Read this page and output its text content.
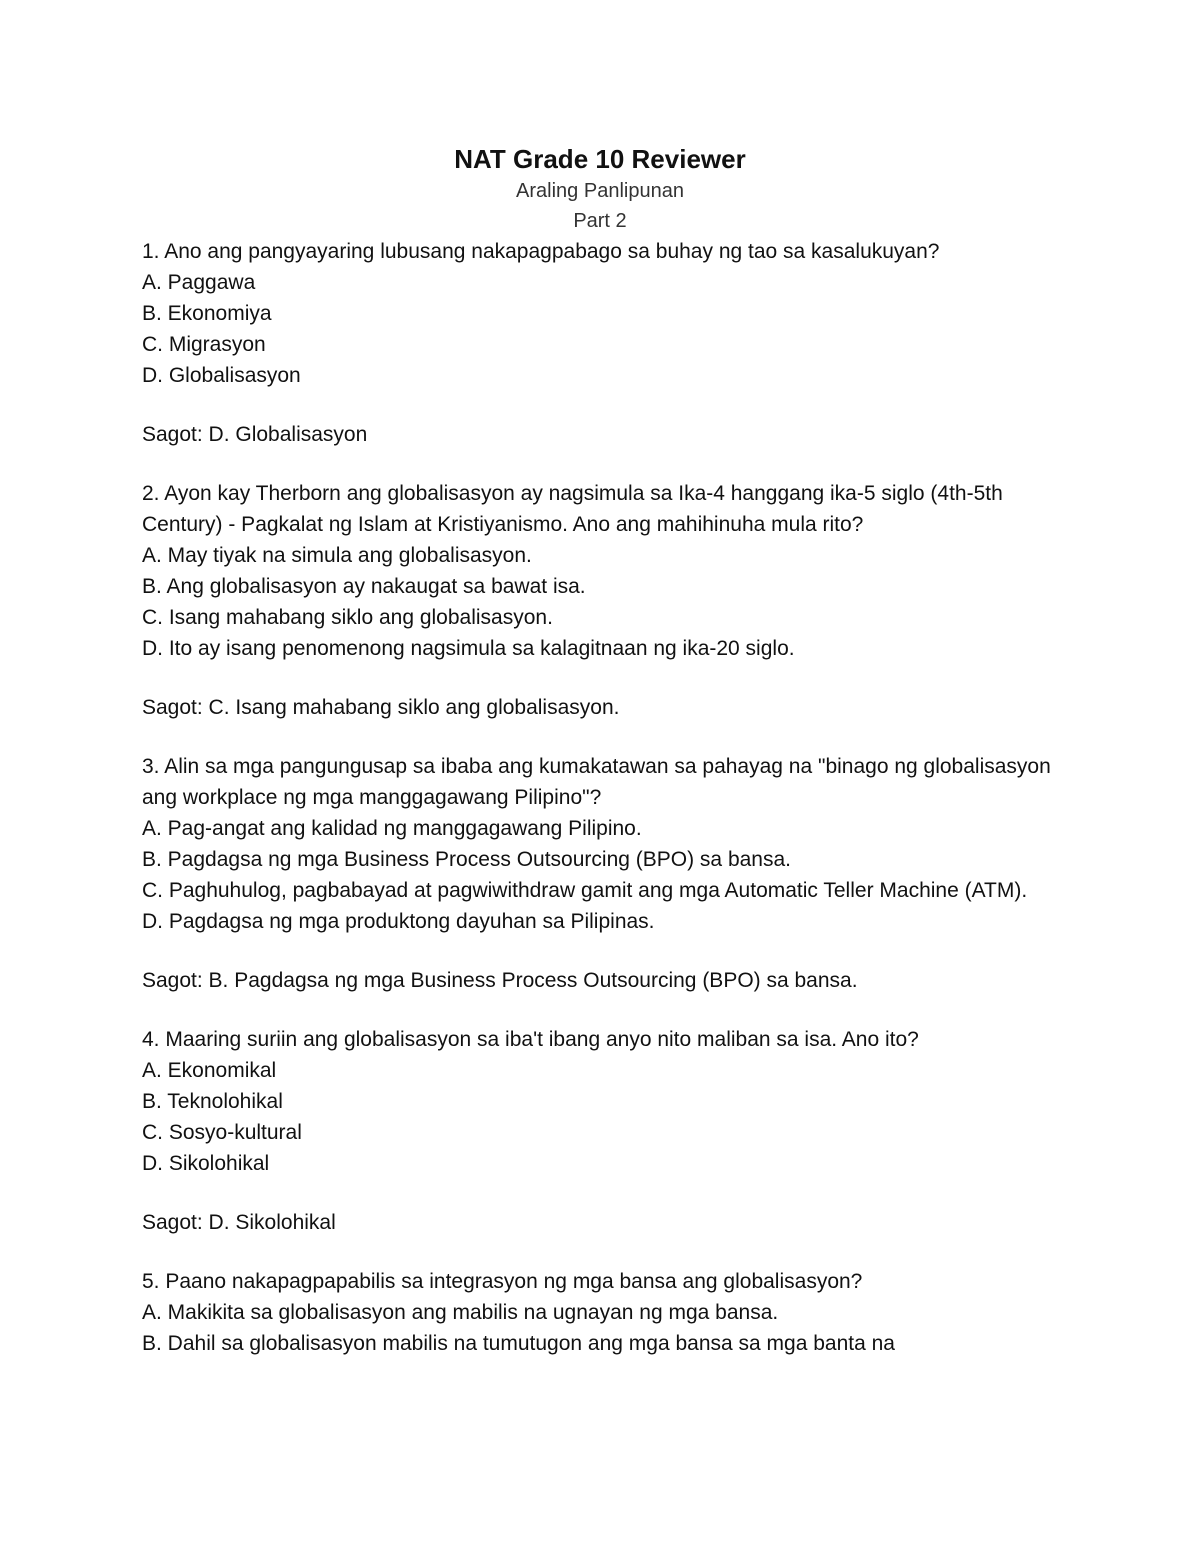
NAT Grade 10 Reviewer
Araling Panlipunan
Part 2

1. Ano ang pangyayaring lubusang nakapagpabago sa buhay ng tao sa kasalukuyan?

A. Paggawa

B. Ekonomiya

C. Migrasyon

D. Globalisasyon

Sagot: D. Globalisasyon

2. Ayon kay Therborn ang globalisasyon ay nagsimula sa Ika-4 hanggang ika-5 siglo (4th-5th Century) - Pagkalat ng Islam at Kristiyanismo. Ano ang mahihinuha mula rito?

A. May tiyak na simula ang globalisasyon.

B. Ang globalisasyon ay nakaugat sa bawat isa.

C. Isang mahabang siklo ang globalisasyon.

D. Ito ay isang penomenong nagsimula sa kalagitnaan ng ika-20 siglo.

Sagot: C. Isang mahabang siklo ang globalisasyon.

3. Alin sa mga pangungusap sa ibaba ang kumakatawan sa pahayag na "binago ng globalisasyon ang workplace ng mga manggagawang Pilipino"?

A. Pag-angat ang kalidad ng manggagawang Pilipino.

B. Pagdagsa ng mga Business Process Outsourcing (BPO) sa bansa.

C. Paghuhulog, pagbabayad at pagwiwithdraw gamit ang mga Automatic Teller Machine (ATM).

D. Pagdagsa ng mga produktong dayuhan sa Pilipinas.

Sagot: B. Pagdagsa ng mga Business Process Outsourcing (BPO) sa bansa.

4. Maaring suriin ang globalisasyon sa iba't ibang anyo nito maliban sa isa. Ano ito?

A. Ekonomikal

B. Teknolohikal

C. Sosyo-kultural

D. Sikolohikal

Sagot: D. Sikolohikal

5. Paano nakapagpapabilis sa integrasyon ng mga bansa ang globalisasyon?

A. Makikita sa globalisasyon ang mabilis na ugnayan ng mga bansa.

B. Dahil sa globalisasyon mabilis na tumutugon ang mga bansa sa mga banta na
